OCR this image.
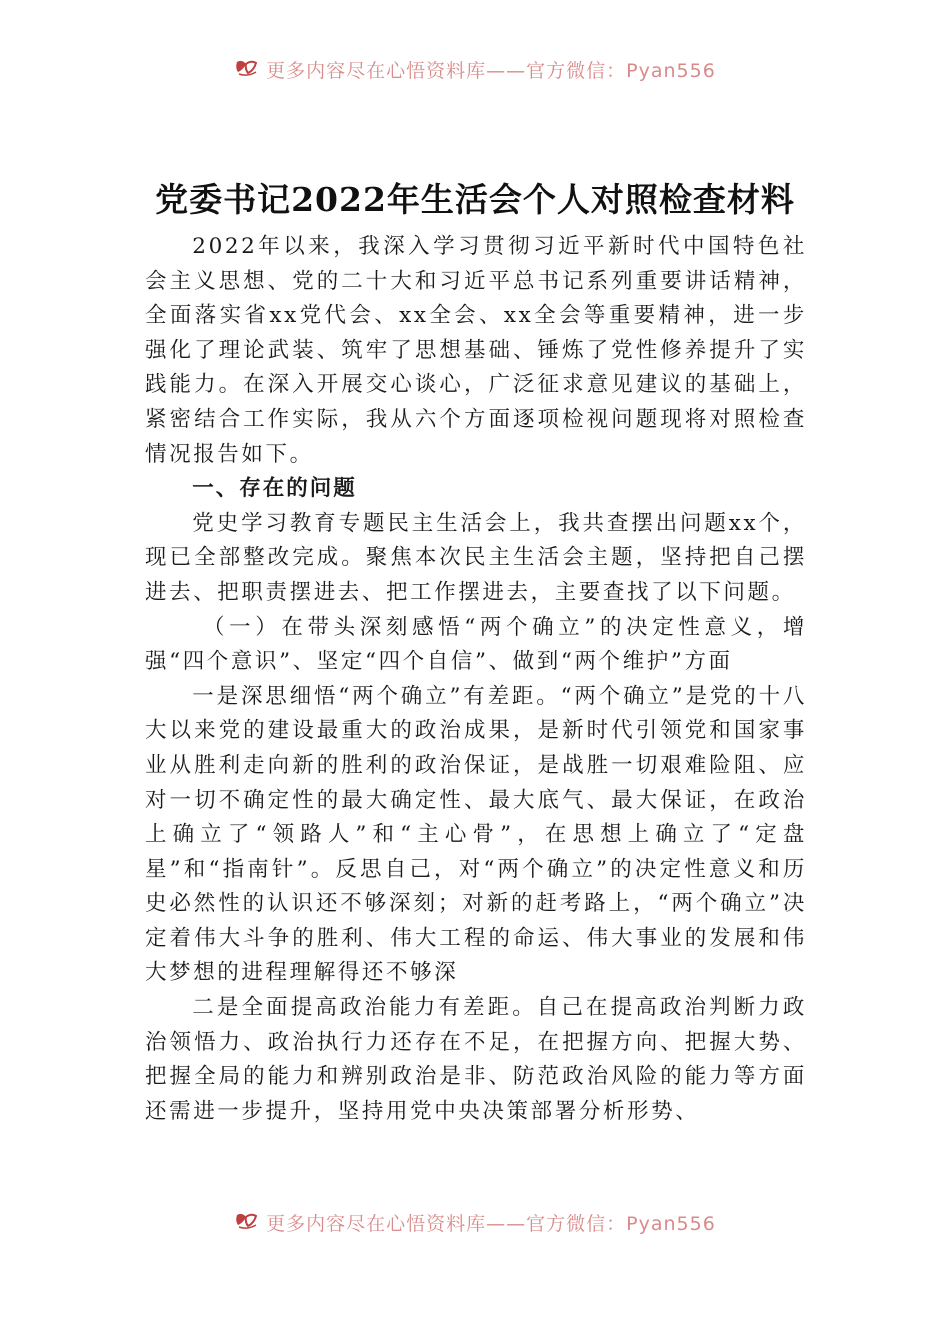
更多内容尽在心悟资料库——官方微信：Pyan556
党委书记2022年生活会个人对照检查材料

2022年以来，我深入学习贯彻习近平新时代中国特色社会主义思想、党的二十大和习近平总书记系列重要讲话精神，全面落实省xx党代会、xx全会、xx全会等重要精神，进一步强化了理论武装、筑牢了思想基础、锤炼了党性修养提升了实践能力。在深入开展交心谈心，广泛征求意见建议的基础上，紧密结合工作实际，我从六个方面逐项检视问题现将对照检查情况报告如下。

一、存在的问题

党史学习教育专题民主生活会上，我共查摆出问题xx个，现已全部整改完成。聚焦本次民主生活会主题，坚持把自己摆进去、把职责摆进去、把工作摆进去，主要查找了以下问题。

（一）在带头深刻感悟“两个确立”的决定性意义，增强“四个意识”、坚定“四个自信”、做到“两个维护”方面

一是深思细悟“两个确立”有差距。“两个确立”是党的十八大以来党的建设最重大的政治成果，是新时代引领党和国家事业从胜利走向新的胜利的政治保证，是战胜一切艰难险阻、应对一切不确定性的最大确定性、最大底气、最大保证，在政治上确立了“领路人”和“主心骨”，在思想上确立了“定盘星”和“指南针”。反思自己，对“两个确立”的决定性意义和历史必然性的认识还不够深刻；对新的赶考路上，“两个确立”决定着伟大斗争的胜利、伟大工程的命运、伟大事业的发展和伟大梦想的进程理解得还不够深

二是全面提高政治能力有差距。自己在提高政治判断力政治领悟力、政治执行力还存在不足，在把握方向、把握大势、把握全局的能力和辨别政治是非、防范政治风险的能力等方面还需进一步提升，坚持用党中央决策部署分析形势、

更多内容尽在心悟资料库——官方微信：Pyan556
